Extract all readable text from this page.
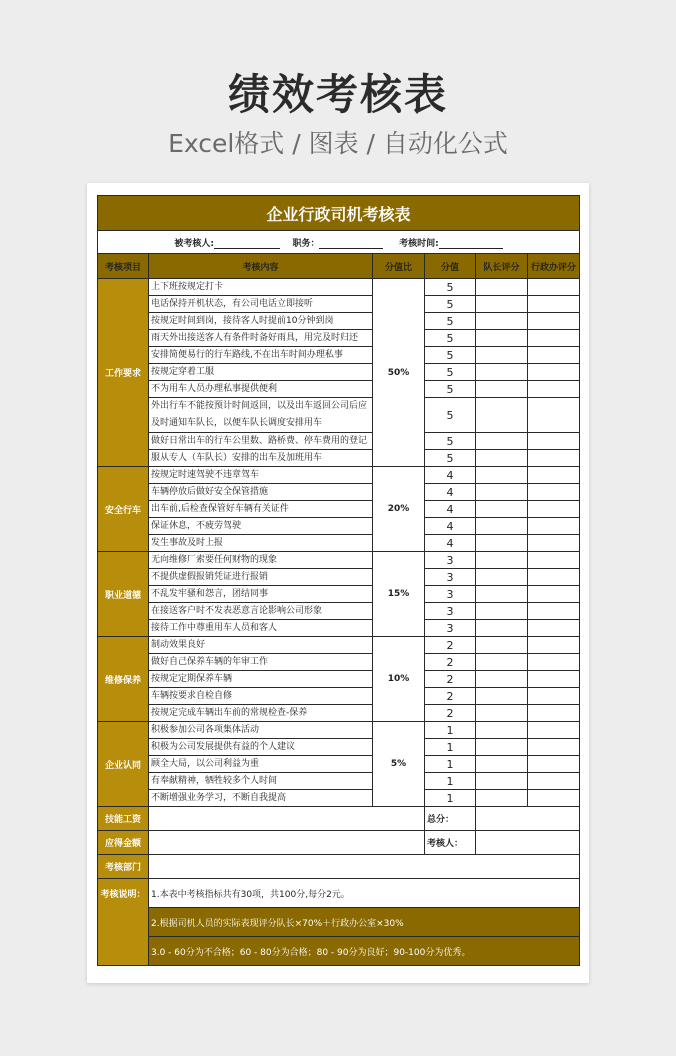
绩效考核表
Excel格式 / 图表 / 自动化公式
企业行政司机考核表					
被考核人: 职务： 考核时间:					
考核项目	考核内容	分值比	分值	队长评分	行政办评分
工作要求	上下班按规定打卡	50%	5		
	电话保持开机状态，有公司电话立即接听		5		
	按规定时间到岗，接待客人时提前10分钟到岗		5		
	雨天外出接送客人有条件时备好雨具，用完及时归还		5		
	安排简便易行的行车路线,不在出车时间办理私事		5		
	按规定穿着工服		5		
	不为用车人员办理私事提供便利		5		
	外出行车不能按预计时间返回，以及出车返回公司后应及时通知车队长，以便车队长调度安排用车		5		
	做好日常出车的行车公里数、路桥费、停车费用的登记		5		
	服从专人（车队长）安排的出车及加班用车		5		
安全行车	按规定时速驾驶不违章驾车	20%	4		
	车辆停放后做好安全保管措施		4		
	出车前,后检查保管好车辆有关证件		4		
	保证休息，不疲劳驾驶		4		
	发生事故及时上报		4		
职业道德	无向维修厂索要任何财物的现象	15%	3		
	不提供虚假报销凭证进行报销		3		
	不乱发牢骚和怨言，团结同事		3		
	在接送客户时不发表恶意言论影响公司形象		3		
	接待工作中尊重用车人员和客人		3		
维修保养	制动效果良好	10%	2		
	做好自己保养车辆的年审工作		2		
	按规定定期保养车辆		2		
	车辆按要求自检自修		2		
	按规定完成车辆出车前的常规检查-保养		2		
企业认同	积极参加公司各项集体活动	5%	1		
	积极为公司发展提供有益的个人建议		1		
	顾全大局，以公司利益为重		1		
	有奉献精神，牺牲较多个人时间		1		
	不断增强业务学习，不断自我提高		1		
技能工资			总分：		
应得金额			考核人：		
考核部门					
考核说明：	1.本表中考核指标共有30项，共100分,每分2元。				
	2.根据司机人员的实际表现评分队长×70%＋行政办公室×30%				
	3.0 - 60分为不合格；60 - 80分为合格；80 - 90分为良好；90-100分为优秀。				
